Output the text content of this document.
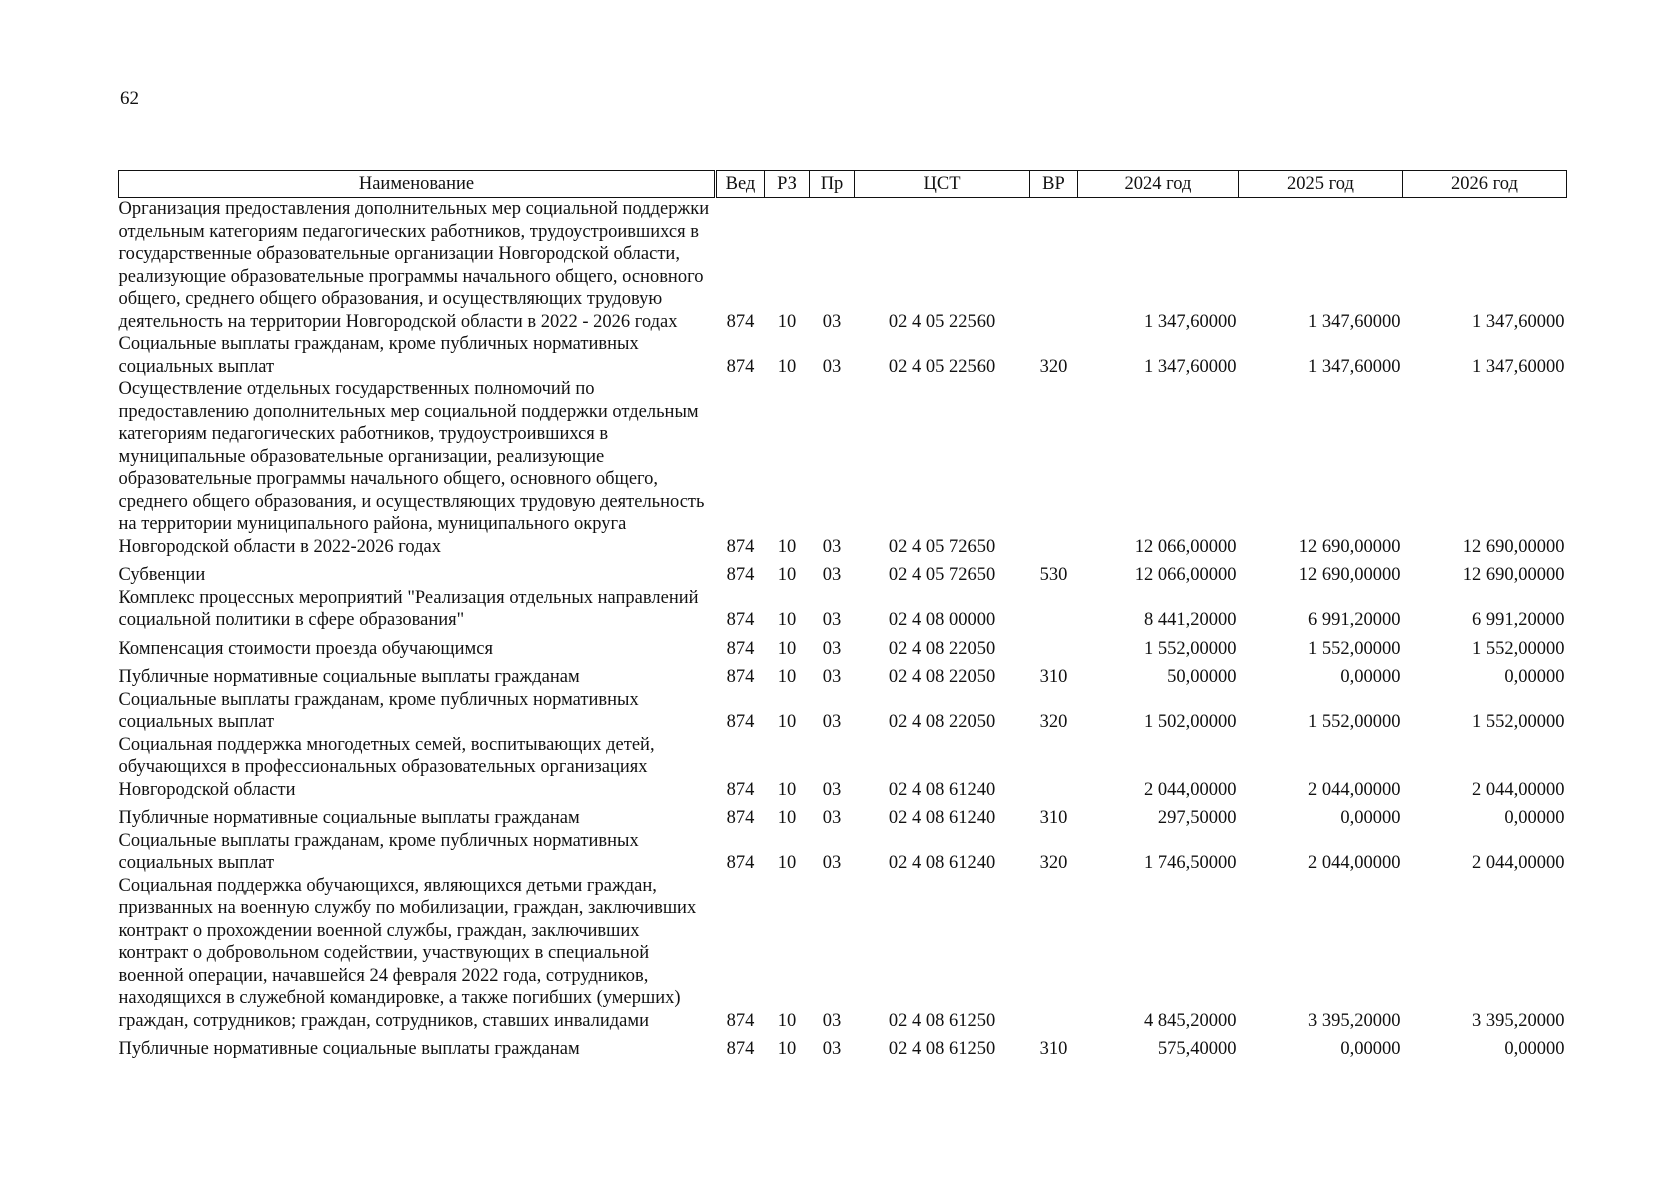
62
Наименование		Вед	РЗ	Пр	ЦСТ	ВР	2024 год	2025 год	2026 год
Организация предоставления дополнительных мер социальной поддержки отдельным категориям педагогических работников, трудоустроившихся в государственные образовательные организации Новгородской области, реализующие образовательные программы начального общего, основного общего, среднего общего образования, и осуществляющих трудовую деятельность на территории Новгородской области в 2022 - 2026 годах		874	10	03	02 4 05 22560		1 347,60000	1 347,60000	1 347,60000
Социальные выплаты гражданам, кроме публичных нормативных социальных выплат		874	10	03	02 4 05 22560	320	1 347,60000	1 347,60000	1 347,60000
Осуществление отдельных государственных полномочий по предоставлению дополнительных мер социальной поддержки отдельным категориям педагогических работников, трудоустроившихся в муниципальные образовательные организации, реализующие образовательные программы начального общего, основного общего, среднего общего образования, и осуществляющих трудовую деятельность на территории муниципального района, муниципального округа Новгородской области в 2022-2026 годах		874	10	03	02 4 05 72650		12 066,00000	12 690,00000	12 690,00000
Субвенции		874	10	03	02 4 05 72650	530	12 066,00000	12 690,00000	12 690,00000
Комплекс процессных мероприятий "Реализация отдельных направлений социальной политики в сфере образования"		874	10	03	02 4 08 00000		8 441,20000	6 991,20000	6 991,20000
Компенсация стоимости проезда обучающимся		874	10	03	02 4 08 22050		1 552,00000	1 552,00000	1 552,00000
Публичные нормативные социальные выплаты гражданам		874	10	03	02 4 08 22050	310	50,00000	0,00000	0,00000
Социальные выплаты гражданам, кроме публичных нормативных социальных выплат		874	10	03	02 4 08 22050	320	1 502,00000	1 552,00000	1 552,00000
Социальная поддержка многодетных семей, воспитывающих детей, обучающихся в профессиональных образовательных организациях Новгородской области		874	10	03	02 4 08 61240		2 044,00000	2 044,00000	2 044,00000
Публичные нормативные социальные выплаты гражданам		874	10	03	02 4 08 61240	310	297,50000	0,00000	0,00000
Социальные выплаты гражданам, кроме публичных нормативных социальных выплат		874	10	03	02 4 08 61240	320	1 746,50000	2 044,00000	2 044,00000
Социальная поддержка обучающихся, являющихся детьми граждан, призванных на военную службу по мобилизации, граждан, заключивших контракт о прохождении военной службы, граждан, заключивших контракт о добровольном содействии, участвующих в специальной военной операции, начавшейся 24 февраля 2022 года, сотрудников, находящихся в служебной командировке, а также погибших (умерших) граждан, сотрудников; граждан, сотрудников, ставших инвалидами		874	10	03	02 4 08 61250		4 845,20000	3 395,20000	3 395,20000
Публичные нормативные социальные выплаты гражданам		874	10	03	02 4 08 61250	310	575,40000	0,00000	0,00000
